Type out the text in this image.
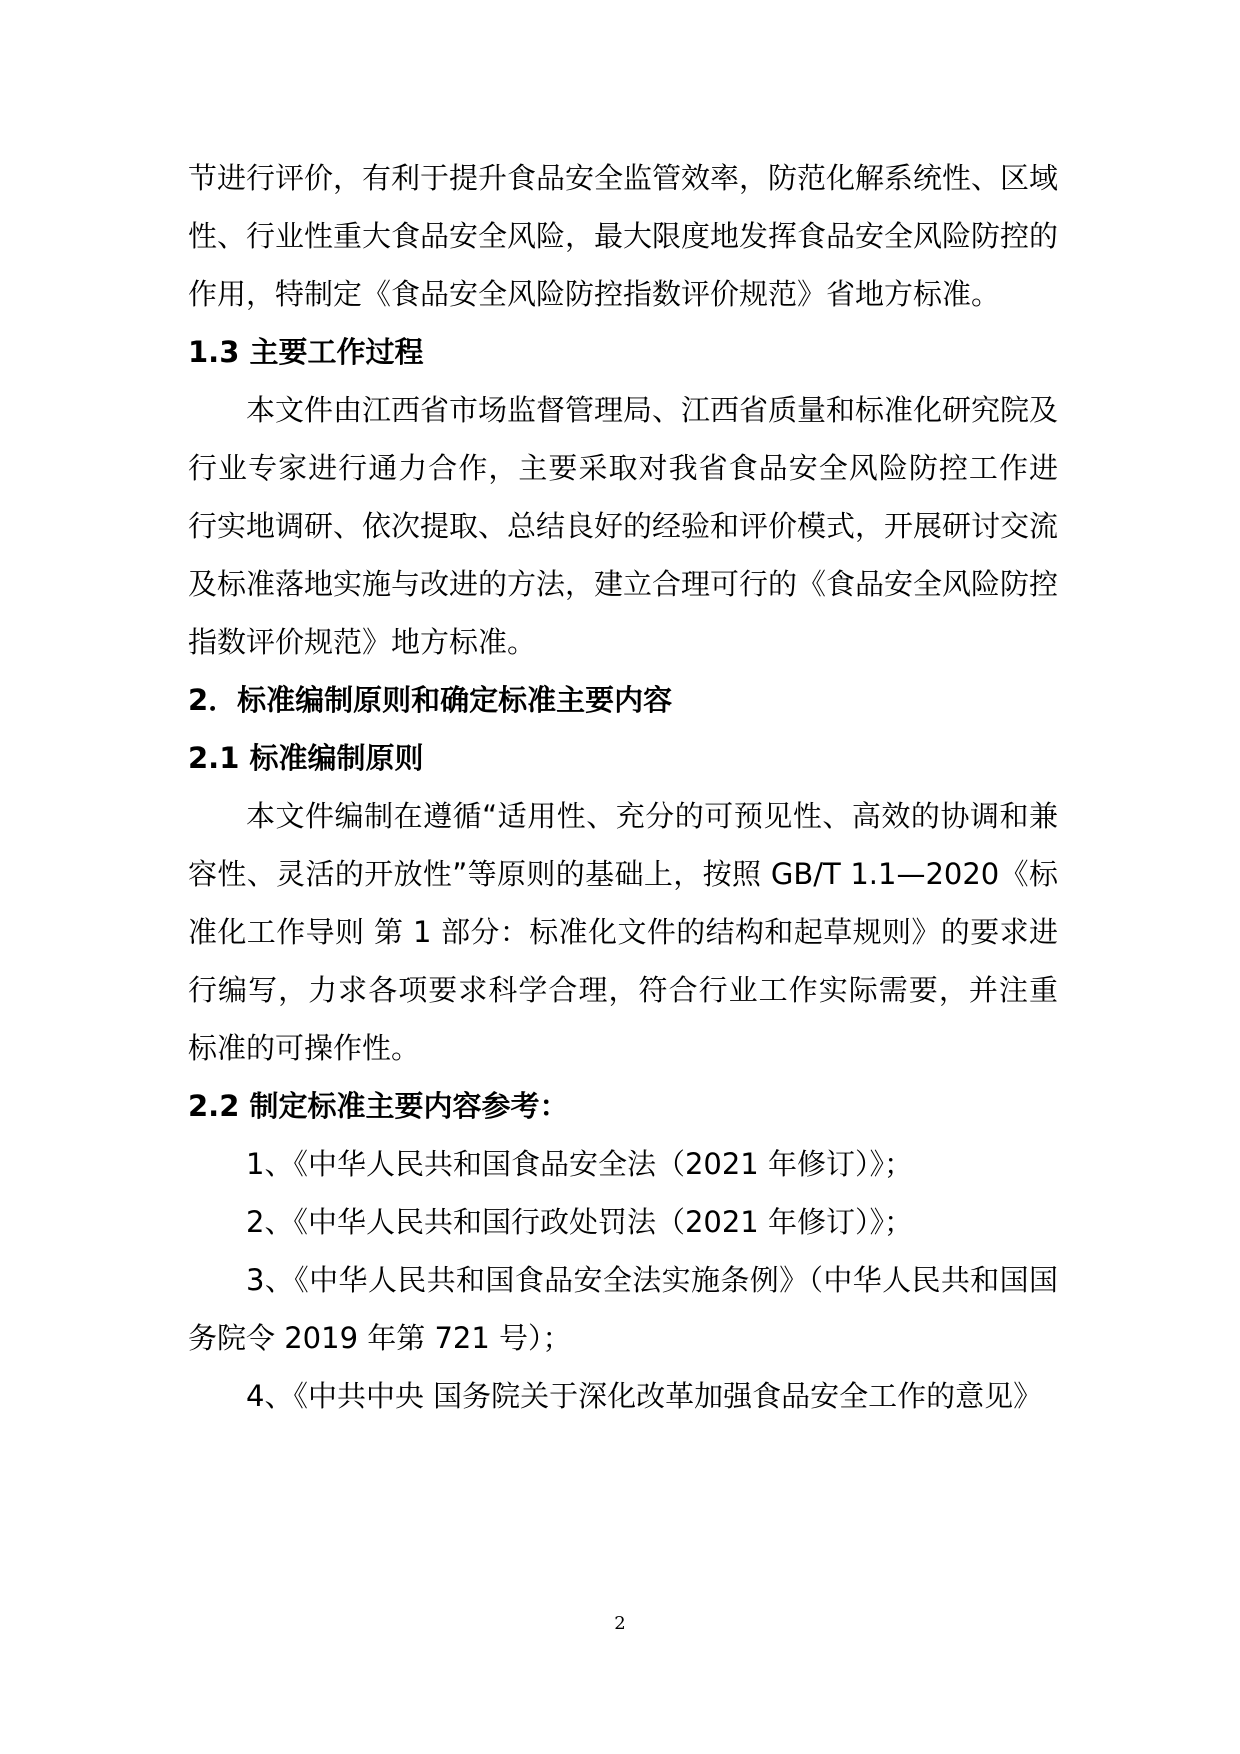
节进行评价，有利于提升食品安全监管效率，防范化解系统性、区域
性、行业性重大食品安全风险，最大限度地发挥食品安全风险防控的
作用，特制定《食品安全风险防控指数评价规范》省地方标准。
1.3 主要工作过程
本文件由江西省市场监督管理局、江西省质量和标准化研究院及
行业专家进行通力合作，主要采取对我省食品安全风险防控工作进
行实地调研、依次提取、总结良好的经验和评价模式，开展研讨交流
及标准落地实施与改进的方法，建立合理可行的《食品安全风险防控
指数评价规范》地方标准。
2．标准编制原则和确定标准主要内容
2.1 标准编制原则
本文件编制在遵循“适用性、充分的可预见性、高效的协调和兼
容性、灵活的开放性”等原则的基础上，按照 GB/T 1.1—2020《标
准化工作导则 第 1 部分：标准化文件的结构和起草规则》的要求进
行编写，力求各项要求科学合理，符合行业工作实际需要，并注重
标准的可操作性。
2.2 制定标准主要内容参考：
1、《中华人民共和国食品安全法（2021 年修订）》；
2、《中华人民共和国行政处罚法（2021 年修订）》；
3、《中华人民共和国食品安全法实施条例》（中华人民共和国国
务院令 2019 年第 721 号）；
4、《中共中央 国务院关于深化改革加强食品安全工作的意见》
2
